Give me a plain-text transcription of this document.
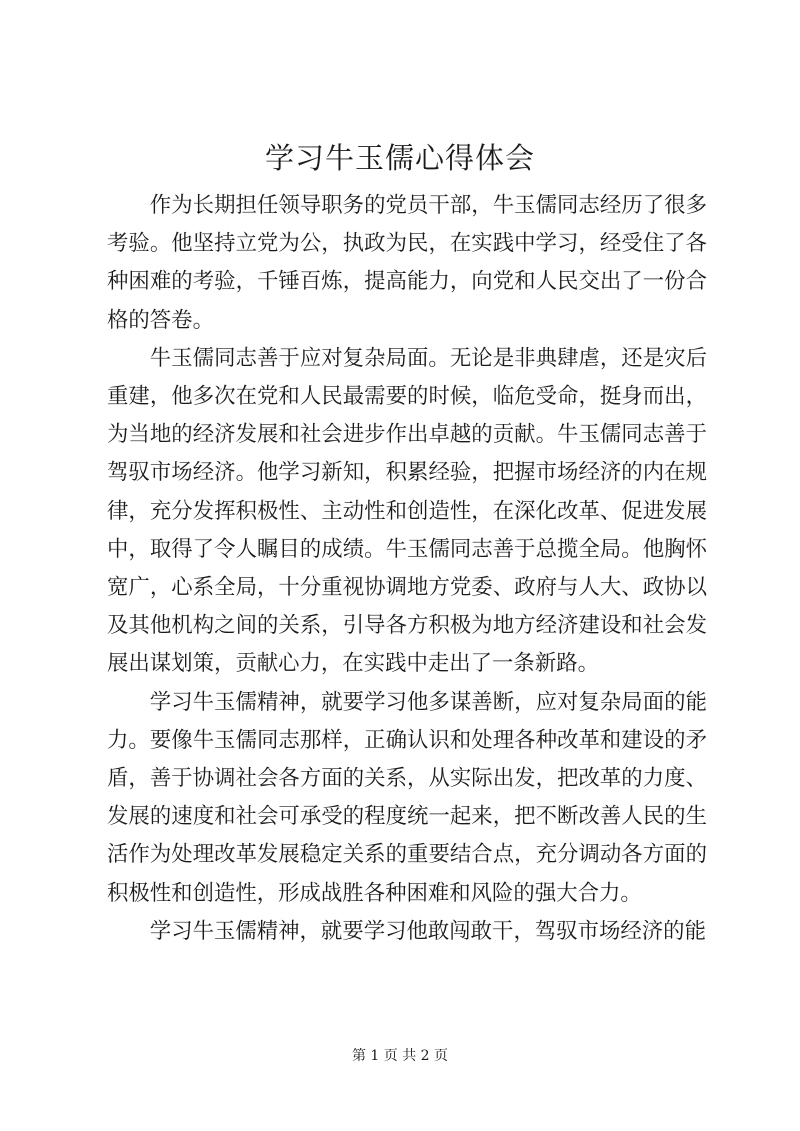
学习牛玉儒心得体会

作为长期担任领导职务的党员干部，牛玉儒同志经历了很多考验。他坚持立党为公，执政为民，在实践中学习，经受住了各种困难的考验，千锤百炼，提高能力，向党和人民交出了一份合格的答卷。

牛玉儒同志善于应对复杂局面。无论是非典肆虐，还是灾后重建，他多次在党和人民最需要的时候，临危受命，挺身而出，为当地的经济发展和社会进步作出卓越的贡献。牛玉儒同志善于驾驭市场经济。他学习新知，积累经验，把握市场经济的内在规律，充分发挥积极性、主动性和创造性，在深化改革、促进发展中，取得了令人瞩目的成绩。牛玉儒同志善于总揽全局。他胸怀宽广，心系全局，十分重视协调地方党委、政府与人大、政协以及其他机构之间的关系，引导各方积极为地方经济建设和社会发展出谋划策，贡献心力，在实践中走出了一条新路。

学习牛玉儒精神，就要学习他多谋善断，应对复杂局面的能力。要像牛玉儒同志那样，正确认识和处理各种改革和建设的矛盾，善于协调社会各方面的关系，从实际出发，把改革的力度、发展的速度和社会可承受的程度统一起来，把不断改善人民的生活作为处理改革发展稳定关系的重要结合点，充分调动各方面的积极性和创造性，形成战胜各种困难和风险的强大合力。

学习牛玉儒精神，就要学习他敢闯敢干，驾驭市场经济的能

第 1 页 共 2 页
